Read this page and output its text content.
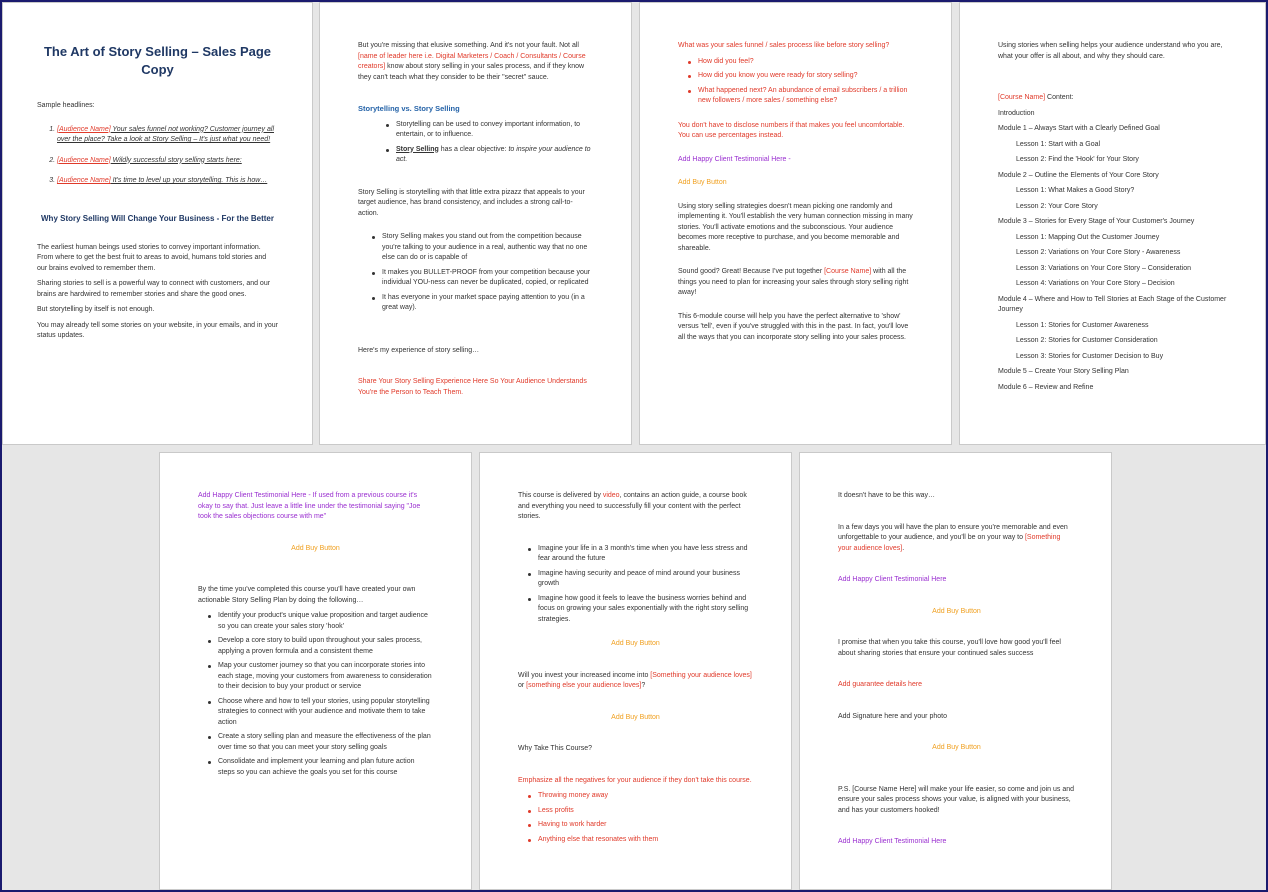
The Art of Story Selling – Sales Page Copy

Sample headlines:

1. [Audience Name] Your sales funnel not working? Customer journey all over the place? Take a look at Story Selling – It's just what you need!
2. [Audience Name] Wildly successful story selling starts here:
3. [Audience Name] It's time to level up your storytelling. This is how…
Why Story Selling Will Change Your Business - For the Better

The earliest human beings used stories to convey important information. From where to get the best fruit to areas to avoid, humans told stories and our brains evolved to remember them.

Sharing stories to sell is a powerful way to connect with customers, and our brains are hardwired to remember stories and share the good ones.

But storytelling by itself is not enough.

You may already tell some stories on your website, in your emails, and in your status updates.

But you're missing that elusive something. And it's not your fault. Not all [name of leader here i.e. Digital Marketers / Coach / Consultants / Course creators] know about story selling in your sales process, and if they know they can't teach what they consider to be their "secret" sauce.

Storytelling vs. Story Selling

Storytelling can be used to convey important information, to entertain, or to influence.
Story Selling has a clear objective: to inspire your audience to act.

Story Selling is storytelling with that little extra pizazz that appeals to your target audience, has brand consistency, and includes a strong call-to-action.

Story Selling makes you stand out from the competition because you're talking to your audience in a real, authentic way that no one else can do or is capable of
It makes you BULLET-PROOF from your competition because your individual YOU-ness can never be duplicated, copied, or replicated
It has everyone in your market space paying attention to you (in a great way).

Here's my experience of story selling…

Share Your Story Selling Experience Here So Your Audience Understands You're the Person to Teach Them.

What was your sales funnel / sales process like before story selling?

How did you feel?
How did you know you were ready for story selling?
What happened next? An abundance of email subscribers / a trillion new followers / more sales / something else?

You don't have to disclose numbers if that makes you feel uncomfortable. You can use percentages instead.

Add Happy Client Testimonial Here -

Add Buy Button

Using story selling strategies doesn't mean picking one randomly and implementing it. You'll establish the very human connection missing in many stories. You'll activate emotions and the subconscious. Your audience becomes more receptive to purchase, and you become memorable and shareable.

Sound good? Great! Because I've put together [Course Name] with all the things you need to plan for increasing your sales through story selling right away!

This 6-module course will help you have the perfect alternative to 'show' versus 'tell', even if you've struggled with this in the past. In fact, you'll love all the ways that you can incorporate story selling into your sales process.

Using stories when selling helps your audience understand who you are, what your offer is all about, and why they should care.

[Course Name] Content:

Introduction

Module 1 – Always Start with a Clearly Defined Goal

Lesson 1: Start with a Goal

Lesson 2: Find the 'Hook' for Your Story

Module 2 – Outline the Elements of Your Core Story

Lesson 1: What Makes a Good Story?

Lesson 2: Your Core Story

Module 3 – Stories for Every Stage of Your Customer's Journey

Lesson 1: Mapping Out the Customer Journey

Lesson 2: Variations on Your Core Story - Awareness

Lesson 3: Variations on Your Core Story – Consideration

Lesson 4: Variations on Your Core Story – Decision

Module 4 – Where and How to Tell Stories at Each Stage of the Customer Journey

Lesson 1: Stories for Customer Awareness

Lesson 2: Stories for Customer Consideration

Lesson 3: Stories for Customer Decision to Buy

Module 5 – Create Your Story Selling Plan

Module 6 – Review and Refine

Add Happy Client Testimonial Here - If used from a previous course it's okay to say that. Just leave a little line under the testimonial saying "Joe took the sales objections course with me"

Add Buy Button

By the time you've completed this course you'll have created your own actionable Story Selling Plan by doing the following…

Identify your product's unique value proposition and target audience so you can create your sales story 'hook'
Develop a core story to build upon throughout your sales process, applying a proven formula and a consistent theme
Map your customer journey so that you can incorporate stories into each stage, moving your customers from awareness to consideration to their decision to buy your product or service
Choose where and how to tell your stories, using popular storytelling strategies to connect with your audience and motivate them to take action
Create a story selling plan and measure the effectiveness of the plan over time so that you can meet your story selling goals
Consolidate and implement your learning and plan future action steps so you can achieve the goals you set for this course

This course is delivered by video, contains an action guide, a course book and everything you need to successfully fill your content with the perfect stories.

Imagine your life in a 3 month's time when you have less stress and fear around the future
Imagine having security and peace of mind around your business growth
Imagine how good it feels to leave the business worries behind and focus on growing your sales exponentially with the right story selling strategies.

Add Buy Button

Will you invest your increased income into [Something your audience loves] or [something else your audience loves]?

Add Buy Button

Why Take This Course?

Emphasize all the negatives for your audience if they don't take this course.

Throwing money away
Less profits
Having to work harder
Anything else that resonates with them

It doesn't have to be this way…

In a few days you will have the plan to ensure you're memorable and even unforgettable to your audience, and you'll be on your way to [Something your audience loves].

Add Happy Client Testimonial Here

Add Buy Button

I promise that when you take this course, you'll love how good you'll feel about sharing stories that ensure your continued sales success

Add guarantee details here

Add Signature here and your photo

Add Buy Button

P.S. [Course Name Here] will make your life easier, so come and join us and ensure your sales process shows your value, is aligned with your business, and has your customers hooked!

Add Happy Client Testimonial Here
